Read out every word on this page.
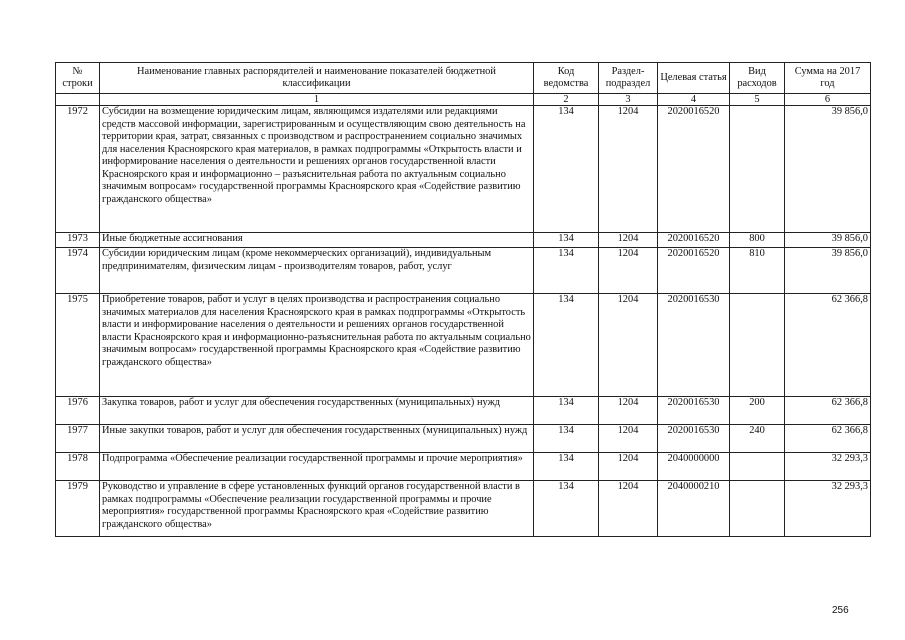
№ строки	Наименование главных распорядителей и наименование показателей бюджетной классификации	Код ведомства	Раздел-подраздел	Целевая статья	Вид расходов	Сумма на 2017 год
	1	2	3	4	5	6
1972	Субсидии на возмещение юридическим лицам, являющимся издателями или редакциями средств массовой информации, зарегистрированным и осуществляющим свою деятельность на территории края, затрат, связанных с производством и распространением социально значимых для населения Красноярского края материалов, в рамках подпрограммы «Открытость власти и информирование населения о деятельности и решениях органов государственной власти Красноярского края и информационно – разъяснительная работа по актуальным социально значимым вопросам» государственной программы Красноярского края «Содействие развитию гражданского общества»	134	1204	2020016520		39 856,0
1973	Иные бюджетные ассигнования	134	1204	2020016520	800	39 856,0
1974	Субсидии юридическим лицам (кроме некоммерческих организаций), индивидуальным предпринимателям, физическим лицам - производителям товаров, работ, услуг	134	1204	2020016520	810	39 856,0
1975	Приобретение товаров, работ и услуг в целях производства и распространения социально значимых материалов для населения Красноярского края в рамках подпрограммы «Открытость власти и информирование населения о деятельности и решениях органов государственной власти Красноярского края и информационно-разъяснительная работа по актуальным социально значимым вопросам» государственной программы Красноярского края «Содействие развитию гражданского общества»	134	1204	2020016530		62 366,8
1976	Закупка товаров, работ и услуг для обеспечения государственных (муниципальных) нужд	134	1204	2020016530	200	62 366,8
1977	Иные закупки товаров, работ и услуг для обеспечения государственных (муниципальных) нужд	134	1204	2020016530	240	62 366,8
1978	Подпрограмма «Обеспечение реализации государственной программы и прочие мероприятия»	134	1204	2040000000		32 293,3
1979	Руководство и управление в сфере установленных функций органов государственной власти в рамках подпрограммы «Обеспечение реализации государственной программы и прочие мероприятия» государственной программы Красноярского края «Содействие развитию гражданского общества»	134	1204	2040000210		32 293,3
256
